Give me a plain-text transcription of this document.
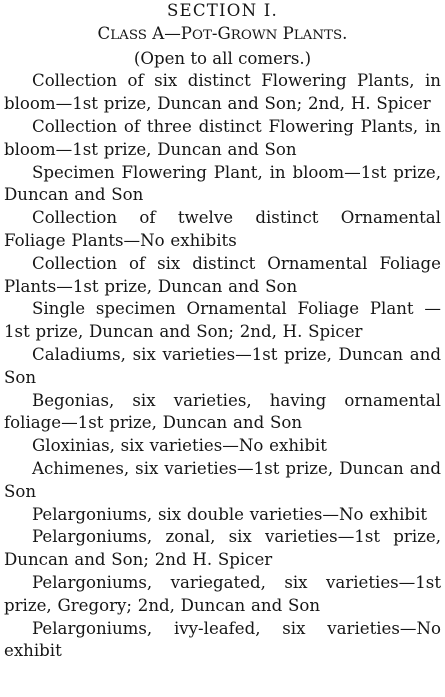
SECTION I.
CLASS A—POT-GROWN PLANTS.
(Open to all comers.)
Collection of six distinct Flowering Plants, in bloom—1st prize, Duncan and Son; 2nd, H. Spicer
Collection of three distinct Flowering Plants, in bloom—1st prize, Duncan and Son
Specimen Flowering Plant, in bloom—1st prize, Duncan and Son
Collection of twelve distinct Ornamental Foliage Plants—No exhibits
Collection of six distinct Ornamental Foliage Plants—1st prize, Duncan and Son
Single specimen Ornamental Foliage Plant —1st prize, Duncan and Son; 2nd, H. Spicer
Caladiums, six varieties—1st prize, Duncan and Son
Begonias, six varieties, having ornamental foliage—1st prize, Duncan and Son
Gloxinias, six varieties—No exhibit
Achimenes, six varieties—1st prize, Duncan and Son
Pelargoniums, six double varieties—No exhibit
Pelargoniums, zonal, six varieties—1st prize, Duncan and Son; 2nd H. Spicer
Pelargoniums, variegated, six varieties—1st prize, Gregory; 2nd, Duncan and Son
Pelargoniums, ivy-leafed, six varieties—No exhibit
